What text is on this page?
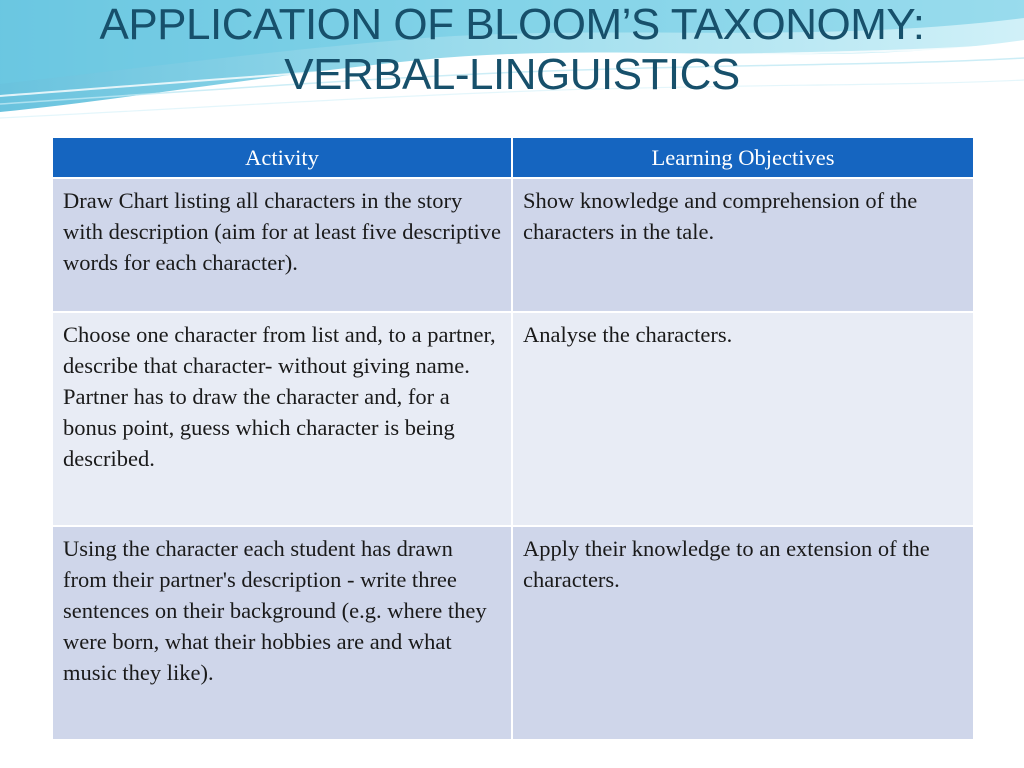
APPLICATION OF BLOOM’S TAXONOMY:
VERBAL-LINGUISTICS
Activity	Learning Objectives
Draw Chart listing all characters in the story with description (aim for at least five descriptive words for each character).	Show knowledge and comprehension of the characters in the tale.
Choose one character from list and, to a partner, describe that character- without giving name. Partner has to draw the character and, for a bonus point, guess which character is being described.	Analyse the characters.
Using the character each student has drawn from their partner's description - write three sentences on their background (e.g. where they were born, what their hobbies are and what music they like).	Apply their knowledge to an extension of the characters.
